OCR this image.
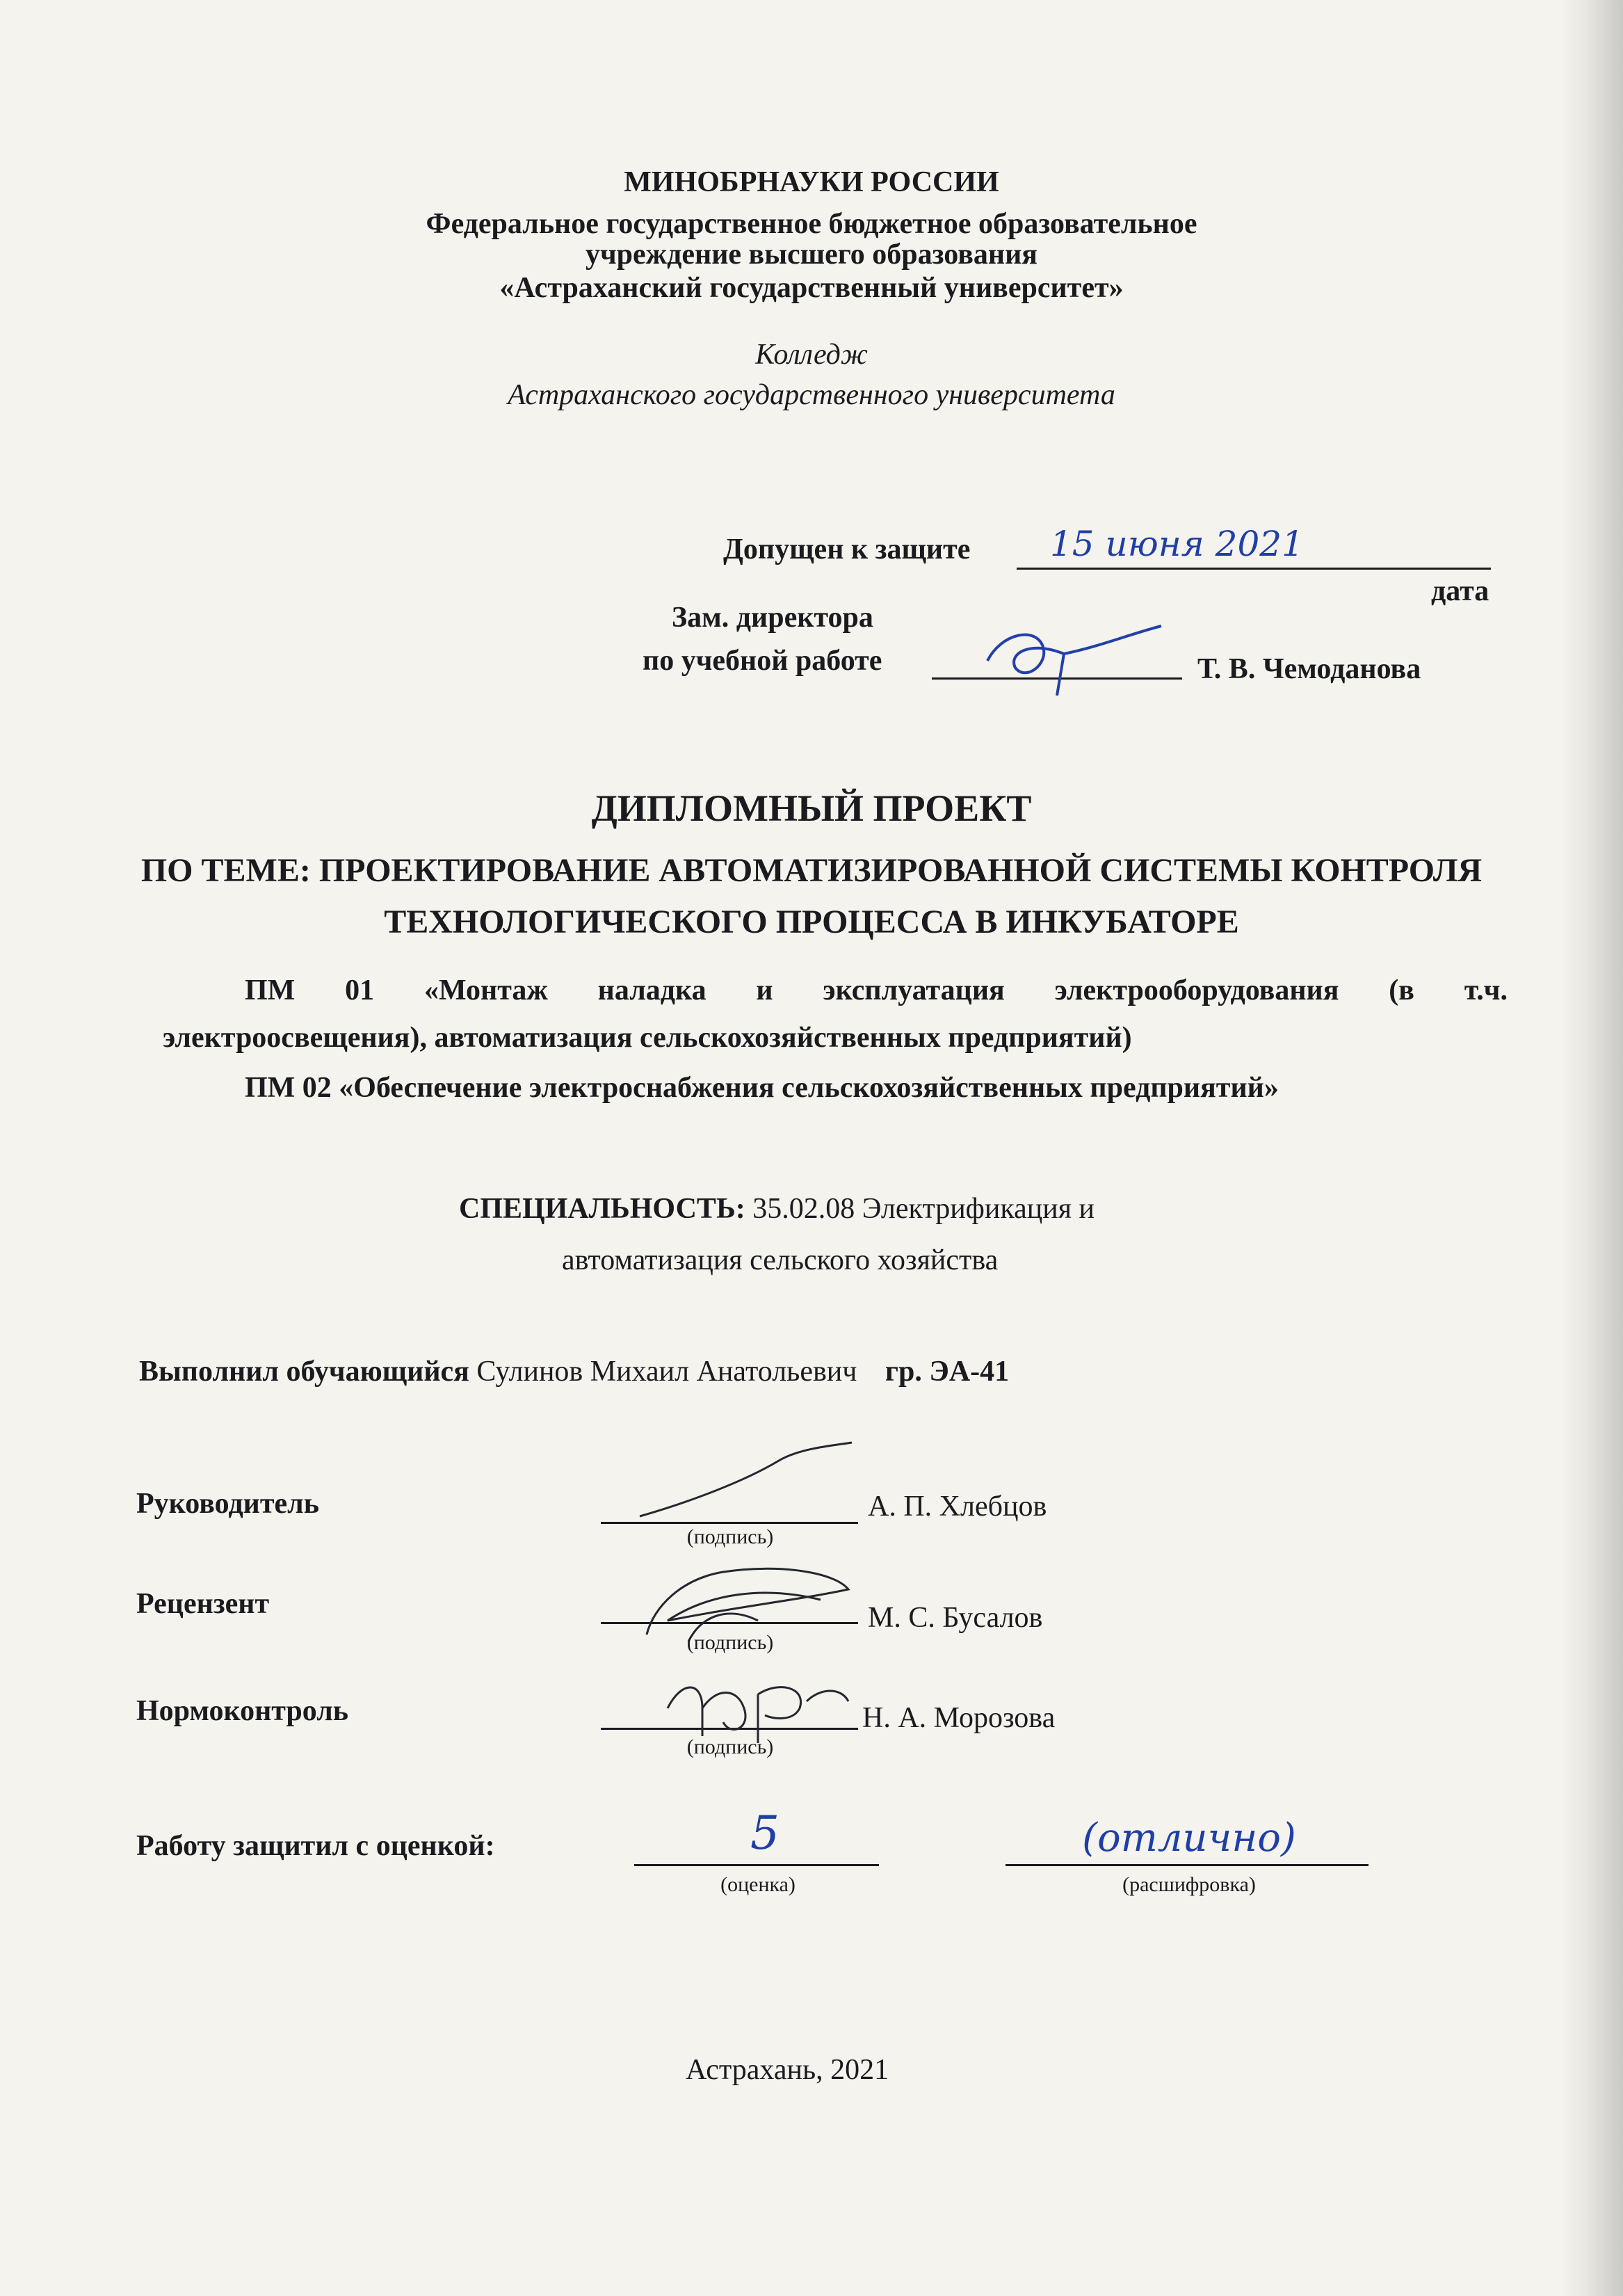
МИНОБРНАУКИ РОССИИ
Федеральное государственное бюджетное образовательное
учреждение высшего образования
«Астраханский государственный университет»
Колледж
Астраханского государственного университета
Допущен к защите 15 июня 2021
дата
Зам. директора
по учебной работе	Т. В. Чемоданова
ДИПЛОМНЫЙ ПРОЕКТ
ПО ТЕМЕ: ПРОЕКТИРОВАНИЕ АВТОМАТИЗИРОВАННОЙ СИСТЕМЫ КОНТРОЛЯ
ТЕХНОЛОГИЧЕСКОГО ПРОЦЕССА В ИНКУБАТОРЕ
ПМ 01 «Монтаж наладка и эксплуатация электрооборудования (в т.ч.
электроосвещения), автоматизация сельскохозяйственных предприятий)
ПМ 02 «Обеспечение электроснабжения сельскохозяйственных предприятий»
СПЕЦИАЛЬНОСТЬ: 35.02.08 Электрификация и
автоматизация сельского хозяйства
Выполнил обучающийся Сулинов Михаил Анатольевич гр. ЭА-41
Руководитель
(подпись)
А. П. Хлебцов
Рецензент
(подпись)
М. С. Бусалов
Нормоконтроль
(подпись)
Н. А. Морозова
Работу защитил с оценкой:	5
(оценка)
(отлично)
(расшифровка)
Астрахань, 2021
